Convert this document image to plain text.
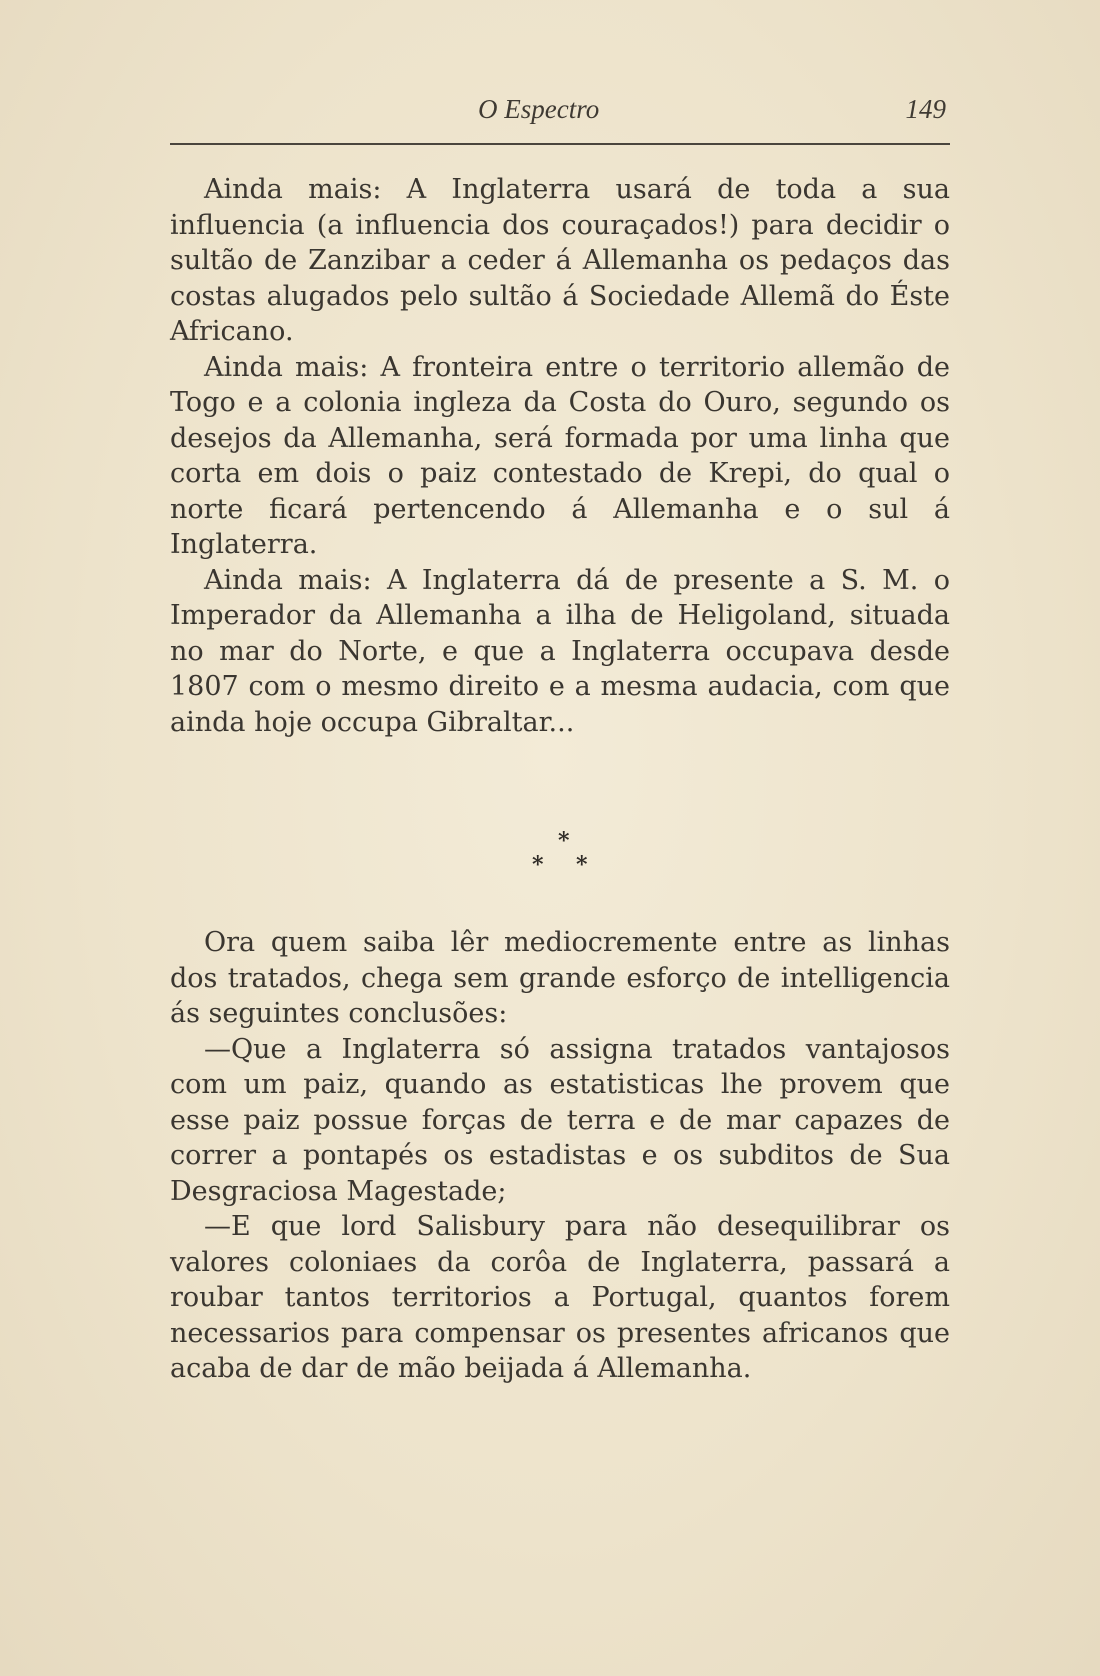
O Espectro	149

Ainda mais: A Inglaterra usará de toda a sua influencia (a influencia dos couraçados!) para decidir o sultão de Zanzibar a ceder á Allemanha os pedaços das costas alugados pelo sultão á Sociedade Allemã do Éste Africano.

Ainda mais: A fronteira entre o territorio allemão de Togo e a colonia ingleza da Costa do Ouro, segundo os desejos da Allemanha, será formada por uma linha que corta em dois o paiz contestado de Krepi, do qual o norte ficará pertencendo á Allemanha e o sul á Inglaterra.

Ainda mais: A Inglaterra dá de presente a S. M. o Imperador da Allemanha a ilha de Heligoland, situada no mar do Norte, e que a Inglaterra occupava desde 1807 com o mesmo direito e a mesma audacia, com que ainda hoje occupa Gibraltar...

*
* *

Ora quem saiba lêr mediocremente entre as linhas dos tratados, chega sem grande esforço de intelligencia ás seguintes conclusões:

—Que a Inglaterra só assigna tratados vantajosos com um paiz, quando as estatisticas lhe provem que esse paiz possue forças de terra e de mar capazes de correr a pontapés os estadistas e os subditos de Sua Desgraciosa Magestade;

—E que lord Salisbury para não desequilibrar os valores coloniaes da corôa de Inglaterra, passará a roubar tantos territorios a Portugal, quantos forem necessarios para compensar os presentes africanos que acaba de dar de mão beijada á Allemanha.
